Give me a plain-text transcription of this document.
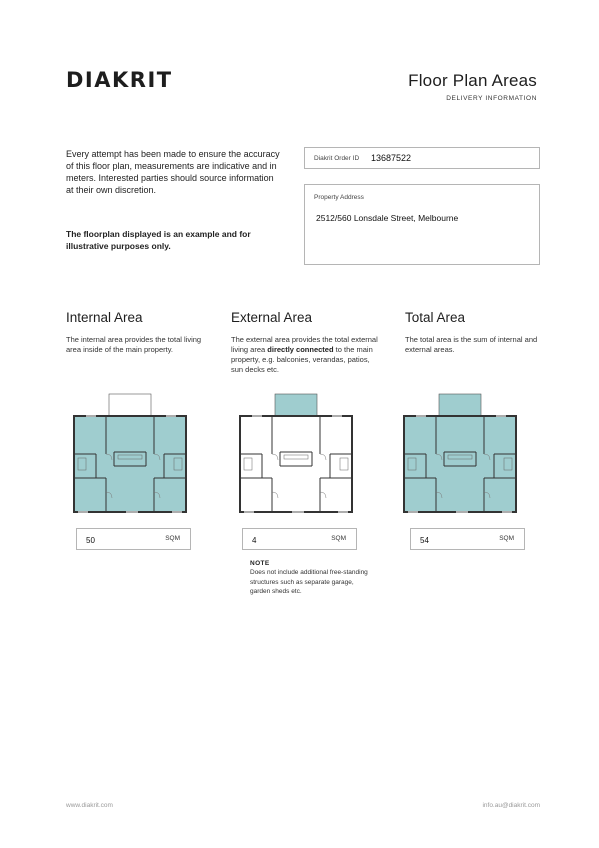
DIAKRIT	Floor Plan Areas
DELIVERY INFORMATION

Every attempt has been made to ensure the accuracy of this floor plan, measurements are indicative and in meters. Interested parties should source information at their own discretion.

The floorplan displayed is an example and for illustrative purposes only.

Diakrit Order ID 13687522
Property Address
2512/560 Lonsdale Street, Melbourne
Internal Area

The internal area provides the total living area inside of the main property.

External Area

The external area provides the total external living area directly connected to the main property, e.g. balconies, verandas, patios, sun decks etc.

Total Area

The total area is the sum of internal and external areas.

50	SQM	4	SQM	54	SQM
NOTE
Does not include additional free-standing structures such as separate garage, garden sheds etc.
www.diakrit.com	info.au@diakrit.com
